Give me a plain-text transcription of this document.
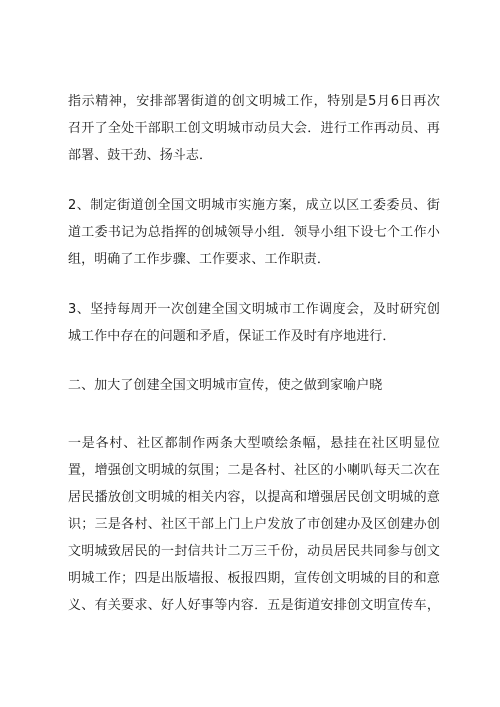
指示精神，安排部署街道的创文明城工作，特别是5月6日再次
召开了全处干部职工创文明城市动员大会．进行工作再动员、再
部署、鼓干劲、扬斗志．
2、制定街道创全国文明城市实施方案，成立以区工委委员、街
道工委书记为总指挥的创城领导小组．领导小组下设七个工作小
组，明确了工作步骤、工作要求、工作职责．
3、坚持每周开一次创建全国文明城市工作调度会，及时研究创
城工作中存在的问题和矛盾，保证工作及时有序地进行．
二、加大了创建全国文明城市宣传，使之做到家喻户晓
一是各村、社区都制作两条大型喷绘条幅，悬挂在社区明显位
置，增强创文明城的氛围；二是各村、社区的小喇叭每天二次在
居民播放创文明城的相关内容，以提高和增强居民创文明城的意
识；三是各村、社区干部上门上户发放了市创建办及区创建办创
文明城致居民的一封信共计二万三千份，动员居民共同参与创文
明城工作；四是出版墙报、板报四期，宣传创文明城的目的和意
义、有关要求、好人好事等内容．五是街道安排创文明宣传车，
